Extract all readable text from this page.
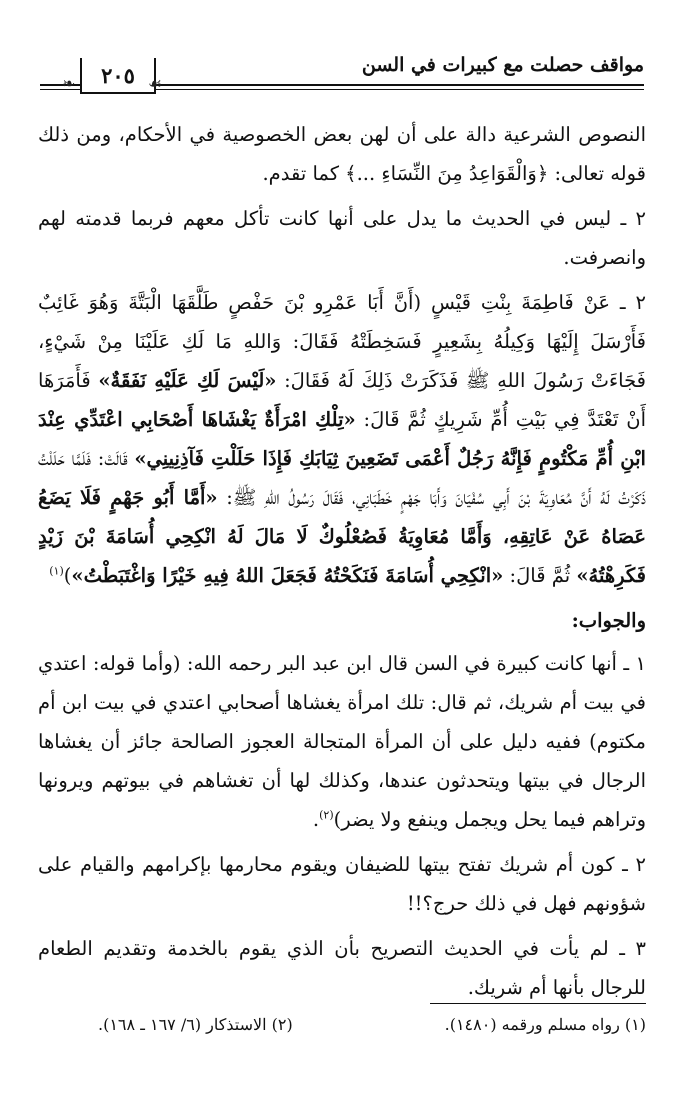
مواقف حصلت مع كبيرات في السن
❧	٢٠٥ ☙

النصوص الشرعية دالة على أن لهن بعض الخصوصية في الأحكام، ومن ذلك قوله تعالى: ﴿وَالْقَوَاعِدُ مِنَ النِّسَاءِ ...﴾ كما تقدم.

٢ ـ ليس في الحديث ما يدل على أنها كانت تأكل معهم فربما قدمته لهم وانصرفت.

٢ ـ عَنْ فَاطِمَةَ بِنْتِ قَيْسٍ (أَنَّ أَبَا عَمْرِو بْنَ حَفْصٍ طَلَّقَهَا الْبَتَّةَ وَهُوَ غَائِبٌ فَأَرْسَلَ إِلَيْهَا وَكِيلُهُ بِشَعِيرٍ فَسَخِطَتْهُ فَقَالَ: وَاللهِ مَا لَكِ عَلَيْنَا مِنْ شَيْءٍ، فَجَاءَتْ رَسُولَ اللهِ ﷺ فَذَكَرَتْ ذَلِكَ لَهُ فَقَالَ: «لَيْسَ لَكِ عَلَيْهِ نَفَقَةٌ» فَأَمَرَهَا أَنْ تَعْتَدَّ فِي بَيْتِ أُمِّ شَرِيكٍ ثُمَّ قَالَ: «تِلْكِ امْرَأَةٌ يَغْشَاهَا أَصْحَابِي اعْتَدِّي عِنْدَ ابْنِ أُمِّ مَكْتُومٍ فَإِنَّهُ رَجُلٌ أَعْمَى تَضَعِينَ ثِيَابَكِ فَإِذَا حَلَلْتِ فَآذِنِينِي» قَالَتْ: فَلَمَّا حَلَلْتُ ذَكَرْتُ لَهُ أَنَّ مُعَاوِيَةَ بْنَ أَبِي سُفْيَانَ وَأَبَا جَهْمٍ خَطَبَانِي، فَقَالَ رَسُولُ اللهِ ﷺ: «أَمَّا أَبُو جَهْمٍ فَلَا يَضَعُ عَصَاهُ عَنْ عَاتِقِهِ، وَأَمَّا مُعَاوِيَةُ فَصُعْلُوكٌ لَا مَالَ لَهُ انْكِحِي أُسَامَةَ بْنَ زَيْدٍ فَكَرِهْتُهُ» ثُمَّ قَالَ: «انْكِحِي أُسَامَةَ فَنَكَحْتُهُ فَجَعَلَ اللهُ فِيهِ خَيْرًا وَاغْتَبَطْتُ»)$^{(١)}$

والجواب:

١ ـ أنها كانت كبيرة في السن قال ابن عبد البر رحمه الله: (وأما قوله: اعتدي في بيت أم شريك، ثم قال: تلك امرأة يغشاها أصحابي اعتدي في بيت ابن أم مكتوم) ففيه دليل على أن المرأة المتجالة العجوز الصالحة جائز أن يغشاها الرجال في بيتها ويتحدثون عندها، وكذلك لها أن تغشاهم في بيوتهم ويرونها وتراهم فيما يحل ويجمل وينفع ولا يضر)$^{(٢)}$.

٢ ـ كون أم شريك تفتح بيتها للضيفان ويقوم محارمها بإكرامهم والقيام على شؤونهم فهل في ذلك حرج؟!!

٣ ـ لم يأت في الحديث التصريح بأن الذي يقوم بالخدمة وتقديم الطعام للرجال بأنها أم شريك.

(١) رواه مسلم ورقمه (١٤٨٠).
(٢) الاستذكار (٦/ ١٦٧ ـ ١٦٨).
